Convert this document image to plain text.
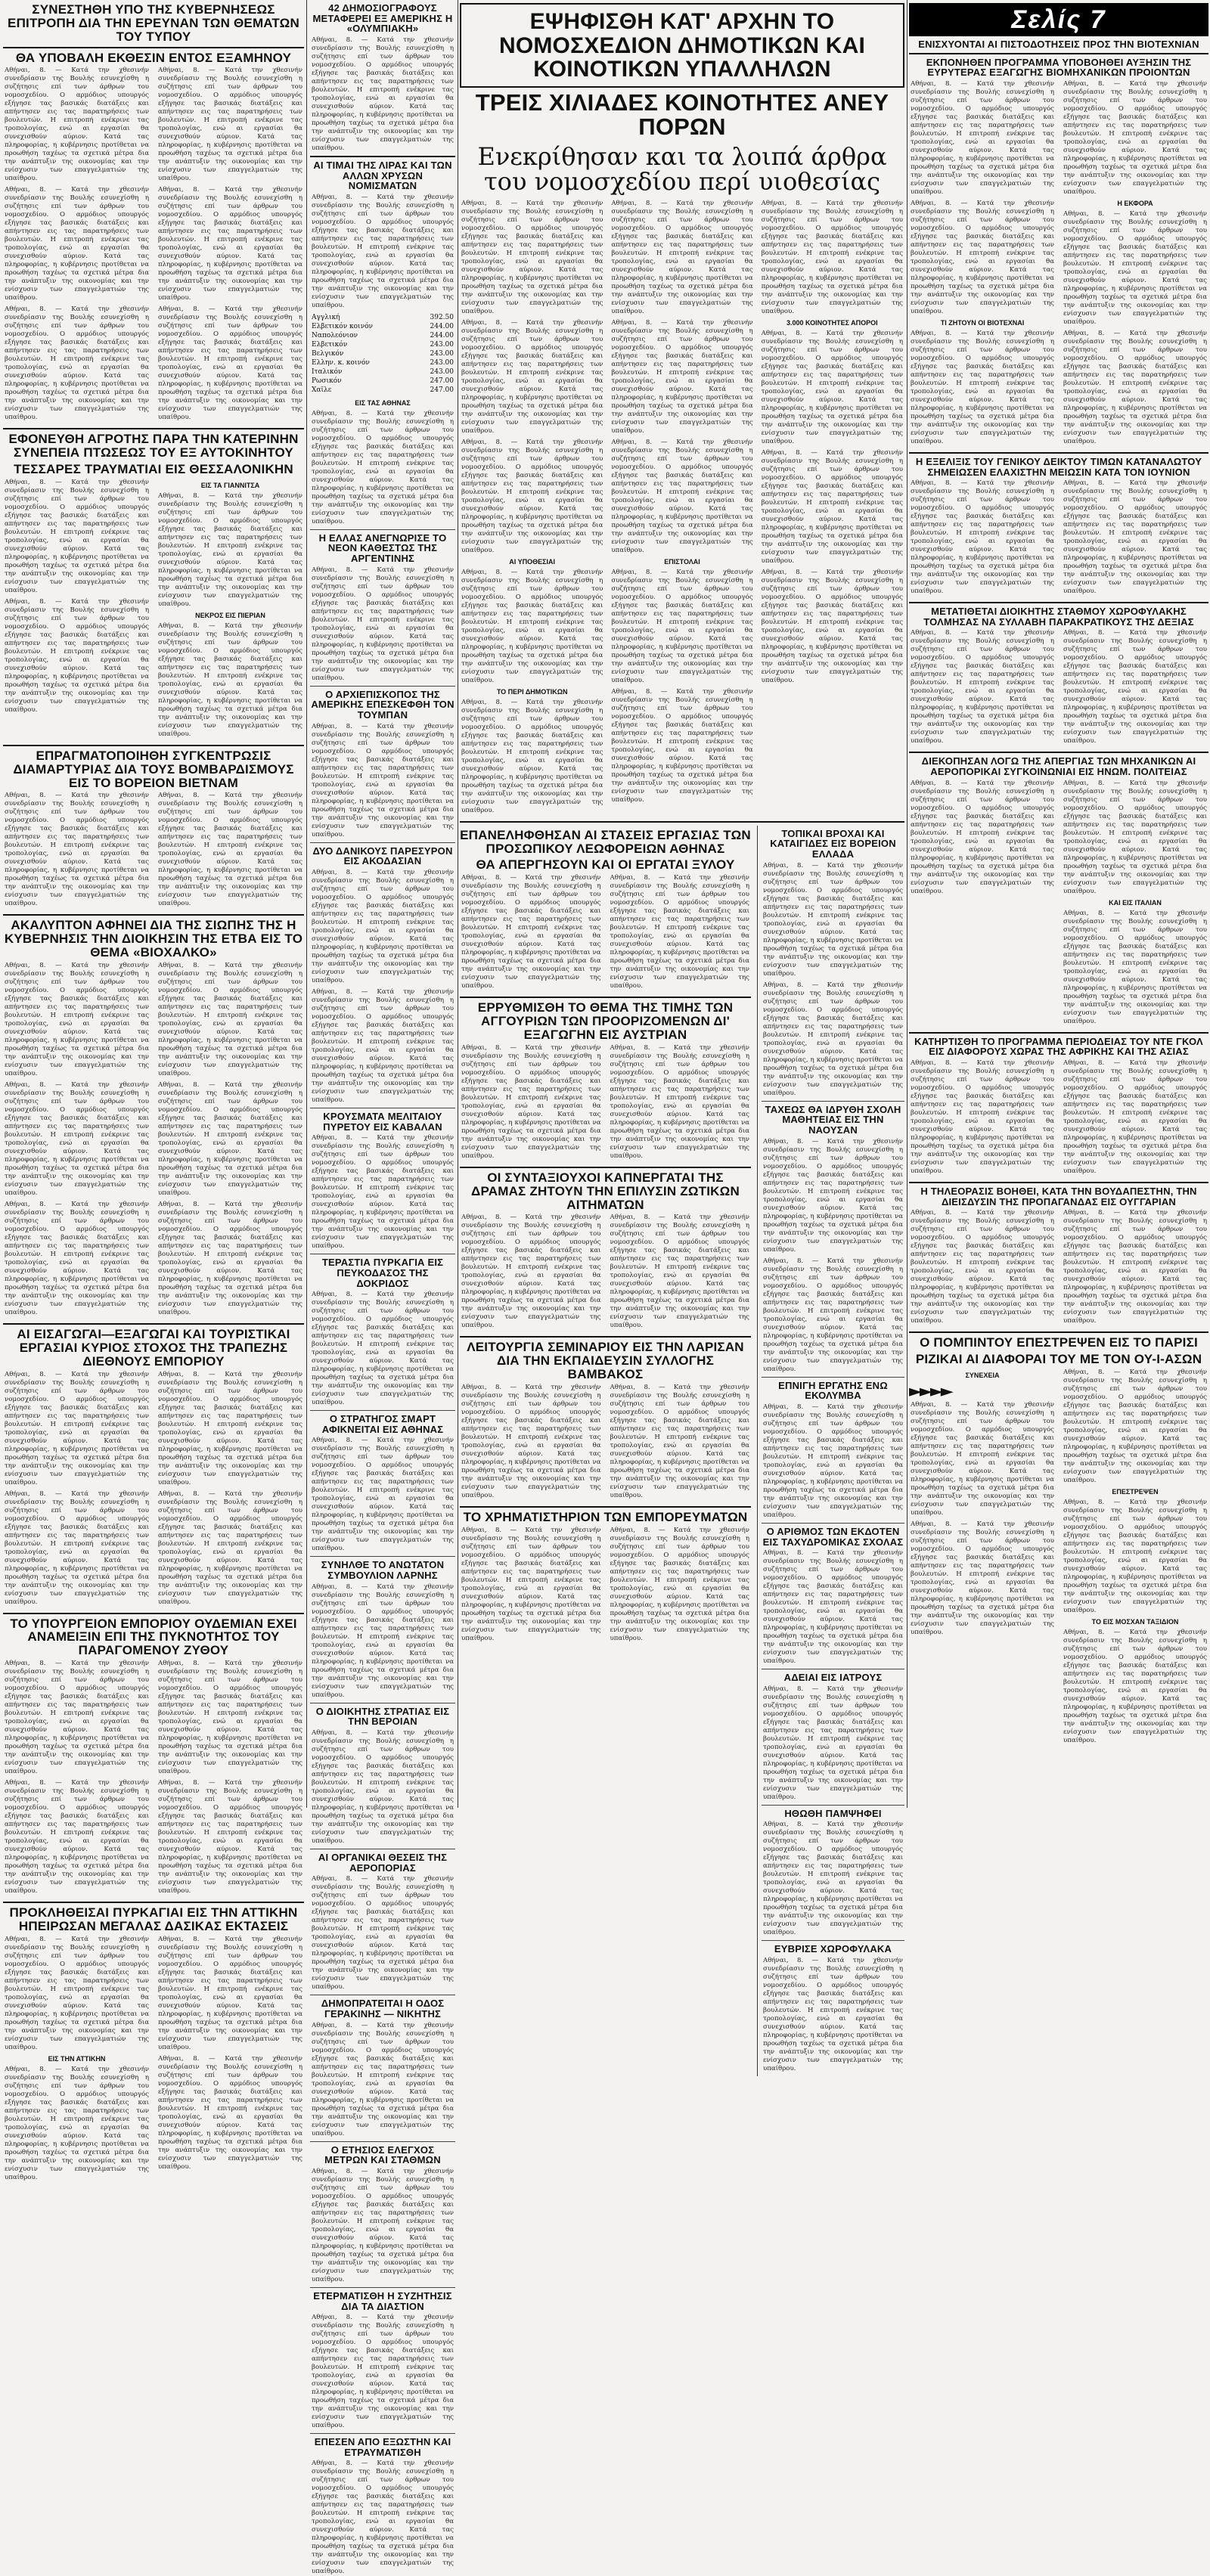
ΣΥΝΕΣΤΗΘΗ ΥΠΟ ΤΗΣ ΚΥΒΕΡΝΗΣΕΩΣ ΕΠΙΤΡΟΠΗ ΔΙΑ ΤΗΝ ΕΡΕΥΝΑΝ ΤΩΝ ΘΕΜΑΤΩΝ ΤΟΥ ΤΥΠΟΥ
ΘΑ ΥΠΟΒΑΛΗ ΕΚΘΕΣΙΝ ΕΝΤΟΣ ΕΞΑΜΗΝΟΥ
Αθήναι, 8. — Κατά την χθεσινήν συνεδρίασιν της Βουλής εσυνεχίσθη η συζήτησις επί των άρθρων του νομοσχεδίου. Ο αρμόδιος υπουργός εξήγησε τας βασικάς διατάξεις και απήντησεν εις τας παρατηρήσεις των βουλευτών. Η επιτροπή ενέκρινε τας τροπολογίας, ενώ αι εργασίαι θα συνεχισθούν αύριον. Κατά τας πληροφορίας, η κυβέρνησις προτίθεται να προωθήση ταχέως τα σχετικά μέτρα δια την ανάπτυξιν της οικονομίας και την ενίσχυσιν των επαγγελματιών της υπαίθρου.
Αθήναι, 8. — Κατά την χθεσινήν συνεδρίασιν της Βουλής εσυνεχίσθη η συζήτησις επί των άρθρων του νομοσχεδίου. Ο αρμόδιος υπουργός εξήγησε τας βασικάς διατάξεις και απήντησεν εις τας παρατηρήσεις των βουλευτών. Η επιτροπή ενέκρινε τας τροπολογίας, ενώ αι εργασίαι θα συνεχισθούν αύριον. Κατά τας πληροφορίας, η κυβέρνησις προτίθεται να προωθήση ταχέως τα σχετικά μέτρα δια την ανάπτυξιν της οικονομίας και την ενίσχυσιν των επαγγελματιών της υπαίθρου.
Αθήναι, 8. — Κατά την χθεσινήν συνεδρίασιν της Βουλής εσυνεχίσθη η συζήτησις επί των άρθρων του νομοσχεδίου. Ο αρμόδιος υπουργός εξήγησε τας βασικάς διατάξεις και απήντησεν εις τας παρατηρήσεις των βουλευτών. Η επιτροπή ενέκρινε τας τροπολογίας, ενώ αι εργασίαι θα συνεχισθούν αύριον. Κατά τας πληροφορίας, η κυβέρνησις προτίθεται να προωθήση ταχέως τα σχετικά μέτρα δια την ανάπτυξιν της οικονομίας και την ενίσχυσιν των επαγγελματιών της υπαίθρου.
Αθήναι, 8. — Κατά την χθεσινήν συνεδρίασιν της Βουλής εσυνεχίσθη η συζήτησις επί των άρθρων του νομοσχεδίου. Ο αρμόδιος υπουργός εξήγησε τας βασικάς διατάξεις και απήντησεν εις τας παρατηρήσεις των βουλευτών. Η επιτροπή ενέκρινε τας τροπολογίας, ενώ αι εργασίαι θα συνεχισθούν αύριον. Κατά τας πληροφορίας, η κυβέρνησις προτίθεται να προωθήση ταχέως τα σχετικά μέτρα δια την ανάπτυξιν της οικονομίας και την ενίσχυσιν των επαγγελματιών της υπαίθρου.
Αθήναι, 8. — Κατά την χθεσινήν συνεδρίασιν της Βουλής εσυνεχίσθη η συζήτησις επί των άρθρων του νομοσχεδίου. Ο αρμόδιος υπουργός εξήγησε τας βασικάς διατάξεις και απήντησεν εις τας παρατηρήσεις των βουλευτών. Η επιτροπή ενέκρινε τας τροπολογίας, ενώ αι εργασίαι θα συνεχισθούν αύριον. Κατά τας πληροφορίας, η κυβέρνησις προτίθεται να προωθήση ταχέως τα σχετικά μέτρα δια την ανάπτυξιν της οικονομίας και την ενίσχυσιν των επαγγελματιών της υπαίθρου.
Αθήναι, 8. — Κατά την χθεσινήν συνεδρίασιν της Βουλής εσυνεχίσθη η συζήτησις επί των άρθρων του νομοσχεδίου. Ο αρμόδιος υπουργός εξήγησε τας βασικάς διατάξεις και απήντησεν εις τας παρατηρήσεις των βουλευτών. Η επιτροπή ενέκρινε τας τροπολογίας, ενώ αι εργασίαι θα συνεχισθούν αύριον. Κατά τας πληροφορίας, η κυβέρνησις προτίθεται να προωθήση ταχέως τα σχετικά μέτρα δια την ανάπτυξιν της οικονομίας και την ενίσχυσιν των επαγγελματιών της υπαίθρου.
ΕΦΟΝΕΥΘΗ ΑΓΡΟΤΗΣ ΠΑΡΑ ΤΗΝ ΚΑΤΕΡΙΝΗΝ ΣΥΝΕΠΕΙΑ ΠΤΩΣΕΩΣ ΤΟΥ ΕΞ ΑΥΤΟΚΙΝΗΤΟΥ
ΤΕΣΣΑΡΕΣ ΤΡΑΥΜΑΤΙΑΙ ΕΙΣ ΘΕΣΣΑΛΟΝΙΚΗΝ
Αθήναι, 8. — Κατά την χθεσινήν συνεδρίασιν της Βουλής εσυνεχίσθη η συζήτησις επί των άρθρων του νομοσχεδίου. Ο αρμόδιος υπουργός εξήγησε τας βασικάς διατάξεις και απήντησεν εις τας παρατηρήσεις των βουλευτών. Η επιτροπή ενέκρινε τας τροπολογίας, ενώ αι εργασίαι θα συνεχισθούν αύριον. Κατά τας πληροφορίας, η κυβέρνησις προτίθεται να προωθήση ταχέως τα σχετικά μέτρα δια την ανάπτυξιν της οικονομίας και την ενίσχυσιν των επαγγελματιών της υπαίθρου.
Αθήναι, 8. — Κατά την χθεσινήν συνεδρίασιν της Βουλής εσυνεχίσθη η συζήτησις επί των άρθρων του νομοσχεδίου. Ο αρμόδιος υπουργός εξήγησε τας βασικάς διατάξεις και απήντησεν εις τας παρατηρήσεις των βουλευτών. Η επιτροπή ενέκρινε τας τροπολογίας, ενώ αι εργασίαι θα συνεχισθούν αύριον. Κατά τας πληροφορίας, η κυβέρνησις προτίθεται να προωθήση ταχέως τα σχετικά μέτρα δια την ανάπτυξιν της οικονομίας και την ενίσχυσιν των επαγγελματιών της υπαίθρου.
ΕΙΣ ΤΑ ΓΙΑΝΝΙΤΣΑ
Αθήναι, 8. — Κατά την χθεσινήν συνεδρίασιν της Βουλής εσυνεχίσθη η συζήτησις επί των άρθρων του νομοσχεδίου. Ο αρμόδιος υπουργός εξήγησε τας βασικάς διατάξεις και απήντησεν εις τας παρατηρήσεις των βουλευτών. Η επιτροπή ενέκρινε τας τροπολογίας, ενώ αι εργασίαι θα συνεχισθούν αύριον. Κατά τας πληροφορίας, η κυβέρνησις προτίθεται να προωθήση ταχέως τα σχετικά μέτρα δια την ανάπτυξιν της οικονομίας και την ενίσχυσιν των επαγγελματιών της υπαίθρου.
ΝΕΚΡΟΣ ΕΙΣ ΠΙΕΡΙΑΝ
Αθήναι, 8. — Κατά την χθεσινήν συνεδρίασιν της Βουλής εσυνεχίσθη η συζήτησις επί των άρθρων του νομοσχεδίου. Ο αρμόδιος υπουργός εξήγησε τας βασικάς διατάξεις και απήντησεν εις τας παρατηρήσεις των βουλευτών. Η επιτροπή ενέκρινε τας τροπολογίας, ενώ αι εργασίαι θα συνεχισθούν αύριον. Κατά τας πληροφορίας, η κυβέρνησις προτίθεται να προωθήση ταχέως τα σχετικά μέτρα δια την ανάπτυξιν της οικονομίας και την ενίσχυσιν των επαγγελματιών της υπαίθρου.
ΕΠΡΑΓΜΑΤΟΠΟΙΗΘΗ ΣΥΓΚΕΝΤΡΩΣΙΣ ΔΙΑΜΑΡΤΥΡΙΑΣ ΔΙΑ ΤΟΥΣ ΒΟΜΒΑΡΔΙΣΜΟΥΣ ΕΙΣ ΤΟ ΒΟΡΕΙΟΝ ΒΙΕΤΝΑΜ
Αθήναι, 8. — Κατά την χθεσινήν συνεδρίασιν της Βουλής εσυνεχίσθη η συζήτησις επί των άρθρων του νομοσχεδίου. Ο αρμόδιος υπουργός εξήγησε τας βασικάς διατάξεις και απήντησεν εις τας παρατηρήσεις των βουλευτών. Η επιτροπή ενέκρινε τας τροπολογίας, ενώ αι εργασίαι θα συνεχισθούν αύριον. Κατά τας πληροφορίας, η κυβέρνησις προτίθεται να προωθήση ταχέως τα σχετικά μέτρα δια την ανάπτυξιν της οικονομίας και την ενίσχυσιν των επαγγελματιών της υπαίθρου.
Αθήναι, 8. — Κατά την χθεσινήν συνεδρίασιν της Βουλής εσυνεχίσθη η συζήτησις επί των άρθρων του νομοσχεδίου. Ο αρμόδιος υπουργός εξήγησε τας βασικάς διατάξεις και απήντησεν εις τας παρατηρήσεις των βουλευτών. Η επιτροπή ενέκρινε τας τροπολογίας, ενώ αι εργασίαι θα συνεχισθούν αύριον. Κατά τας πληροφορίας, η κυβέρνησις προτίθεται να προωθήση ταχέως τα σχετικά μέτρα δια την ανάπτυξιν της οικονομίας και την ενίσχυσιν των επαγγελματιών της υπαίθρου.
ΑΚΑΛΥΠΤΟΝ ΑΦΗΝΕΙ ΔΙΑ ΤΗΣ ΣΙΩΠΗΣ ΤΗΣ Η ΚΥΒΕΡΝΗΣΙΣ ΤΗΝ ΔΙΟΙΚΗΣΙΝ ΤΗΣ ΕΤΒΑ ΕΙΣ ΤΟ ΘΕΜΑ «ΒΙΟΧΑΛΚΟ»
Αθήναι, 8. — Κατά την χθεσινήν συνεδρίασιν της Βουλής εσυνεχίσθη η συζήτησις επί των άρθρων του νομοσχεδίου. Ο αρμόδιος υπουργός εξήγησε τας βασικάς διατάξεις και απήντησεν εις τας παρατηρήσεις των βουλευτών. Η επιτροπή ενέκρινε τας τροπολογίας, ενώ αι εργασίαι θα συνεχισθούν αύριον. Κατά τας πληροφορίας, η κυβέρνησις προτίθεται να προωθήση ταχέως τα σχετικά μέτρα δια την ανάπτυξιν της οικονομίας και την ενίσχυσιν των επαγγελματιών της υπαίθρου.
Αθήναι, 8. — Κατά την χθεσινήν συνεδρίασιν της Βουλής εσυνεχίσθη η συζήτησις επί των άρθρων του νομοσχεδίου. Ο αρμόδιος υπουργός εξήγησε τας βασικάς διατάξεις και απήντησεν εις τας παρατηρήσεις των βουλευτών. Η επιτροπή ενέκρινε τας τροπολογίας, ενώ αι εργασίαι θα συνεχισθούν αύριον. Κατά τας πληροφορίας, η κυβέρνησις προτίθεται να προωθήση ταχέως τα σχετικά μέτρα δια την ανάπτυξιν της οικονομίας και την ενίσχυσιν των επαγγελματιών της υπαίθρου.
Αθήναι, 8. — Κατά την χθεσινήν συνεδρίασιν της Βουλής εσυνεχίσθη η συζήτησις επί των άρθρων του νομοσχεδίου. Ο αρμόδιος υπουργός εξήγησε τας βασικάς διατάξεις και απήντησεν εις τας παρατηρήσεις των βουλευτών. Η επιτροπή ενέκρινε τας τροπολογίας, ενώ αι εργασίαι θα συνεχισθούν αύριον. Κατά τας πληροφορίας, η κυβέρνησις προτίθεται να προωθήση ταχέως τα σχετικά μέτρα δια την ανάπτυξιν της οικονομίας και την ενίσχυσιν των επαγγελματιών της υπαίθρου.
Αθήναι, 8. — Κατά την χθεσινήν συνεδρίασιν της Βουλής εσυνεχίσθη η συζήτησις επί των άρθρων του νομοσχεδίου. Ο αρμόδιος υπουργός εξήγησε τας βασικάς διατάξεις και απήντησεν εις τας παρατηρήσεις των βουλευτών. Η επιτροπή ενέκρινε τας τροπολογίας, ενώ αι εργασίαι θα συνεχισθούν αύριον. Κατά τας πληροφορίας, η κυβέρνησις προτίθεται να προωθήση ταχέως τα σχετικά μέτρα δια την ανάπτυξιν της οικονομίας και την ενίσχυσιν των επαγγελματιών της υπαίθρου.
Αθήναι, 8. — Κατά την χθεσινήν συνεδρίασιν της Βουλής εσυνεχίσθη η συζήτησις επί των άρθρων του νομοσχεδίου. Ο αρμόδιος υπουργός εξήγησε τας βασικάς διατάξεις και απήντησεν εις τας παρατηρήσεις των βουλευτών. Η επιτροπή ενέκρινε τας τροπολογίας, ενώ αι εργασίαι θα συνεχισθούν αύριον. Κατά τας πληροφορίας, η κυβέρνησις προτίθεται να προωθήση ταχέως τα σχετικά μέτρα δια την ανάπτυξιν της οικονομίας και την ενίσχυσιν των επαγγελματιών της υπαίθρου.
Αθήναι, 8. — Κατά την χθεσινήν συνεδρίασιν της Βουλής εσυνεχίσθη η συζήτησις επί των άρθρων του νομοσχεδίου. Ο αρμόδιος υπουργός εξήγησε τας βασικάς διατάξεις και απήντησεν εις τας παρατηρήσεις των βουλευτών. Η επιτροπή ενέκρινε τας τροπολογίας, ενώ αι εργασίαι θα συνεχισθούν αύριον. Κατά τας πληροφορίας, η κυβέρνησις προτίθεται να προωθήση ταχέως τα σχετικά μέτρα δια την ανάπτυξιν της οικονομίας και την ενίσχυσιν των επαγγελματιών της υπαίθρου.
ΑΙ ΕΙΣΑΓΩΓΑΙ—ΕΞΑΓΩΓΑΙ ΚΑΙ ΤΟΥΡΙΣΤΙΚΑΙ ΕΡΓΑΣΙΑΙ ΚΥΡΙΟΣ ΣΤΟΧΟΣ ΤΗΣ ΤΡΑΠΕΖΗΣ ΔΙΕΘΝΟΥΣ ΕΜΠΟΡΙΟΥ
Αθήναι, 8. — Κατά την χθεσινήν συνεδρίασιν της Βουλής εσυνεχίσθη η συζήτησις επί των άρθρων του νομοσχεδίου. Ο αρμόδιος υπουργός εξήγησε τας βασικάς διατάξεις και απήντησεν εις τας παρατηρήσεις των βουλευτών. Η επιτροπή ενέκρινε τας τροπολογίας, ενώ αι εργασίαι θα συνεχισθούν αύριον. Κατά τας πληροφορίας, η κυβέρνησις προτίθεται να προωθήση ταχέως τα σχετικά μέτρα δια την ανάπτυξιν της οικονομίας και την ενίσχυσιν των επαγγελματιών της υπαίθρου.
Αθήναι, 8. — Κατά την χθεσινήν συνεδρίασιν της Βουλής εσυνεχίσθη η συζήτησις επί των άρθρων του νομοσχεδίου. Ο αρμόδιος υπουργός εξήγησε τας βασικάς διατάξεις και απήντησεν εις τας παρατηρήσεις των βουλευτών. Η επιτροπή ενέκρινε τας τροπολογίας, ενώ αι εργασίαι θα συνεχισθούν αύριον. Κατά τας πληροφορίας, η κυβέρνησις προτίθεται να προωθήση ταχέως τα σχετικά μέτρα δια την ανάπτυξιν της οικονομίας και την ενίσχυσιν των επαγγελματιών της υπαίθρου.
Αθήναι, 8. — Κατά την χθεσινήν συνεδρίασιν της Βουλής εσυνεχίσθη η συζήτησις επί των άρθρων του νομοσχεδίου. Ο αρμόδιος υπουργός εξήγησε τας βασικάς διατάξεις και απήντησεν εις τας παρατηρήσεις των βουλευτών. Η επιτροπή ενέκρινε τας τροπολογίας, ενώ αι εργασίαι θα συνεχισθούν αύριον. Κατά τας πληροφορίας, η κυβέρνησις προτίθεται να προωθήση ταχέως τα σχετικά μέτρα δια την ανάπτυξιν της οικονομίας και την ενίσχυσιν των επαγγελματιών της υπαίθρου.
Αθήναι, 8. — Κατά την χθεσινήν συνεδρίασιν της Βουλής εσυνεχίσθη η συζήτησις επί των άρθρων του νομοσχεδίου. Ο αρμόδιος υπουργός εξήγησε τας βασικάς διατάξεις και απήντησεν εις τας παρατηρήσεις των βουλευτών. Η επιτροπή ενέκρινε τας τροπολογίας, ενώ αι εργασίαι θα συνεχισθούν αύριον. Κατά τας πληροφορίας, η κυβέρνησις προτίθεται να προωθήση ταχέως τα σχετικά μέτρα δια την ανάπτυξιν της οικονομίας και την ενίσχυσιν των επαγγελματιών της υπαίθρου.
ΤΟ ΥΠΟΥΡΓΕΙΟΝ ΕΜΠΟΡΙΟΥ ΟΥΔΕΜΙΑΝ ΕΧΕΙ ΑΝΑΜΕΙΞΙΝ ΕΠΙ ΤΗΣ ΠΥΚΝΟΤΗΤΟΣ ΤΟΥ ΠΑΡΑΓΟΜΕΝΟΥ ΖΥΘΟΥ
Αθήναι, 8. — Κατά την χθεσινήν συνεδρίασιν της Βουλής εσυνεχίσθη η συζήτησις επί των άρθρων του νομοσχεδίου. Ο αρμόδιος υπουργός εξήγησε τας βασικάς διατάξεις και απήντησεν εις τας παρατηρήσεις των βουλευτών. Η επιτροπή ενέκρινε τας τροπολογίας, ενώ αι εργασίαι θα συνεχισθούν αύριον. Κατά τας πληροφορίας, η κυβέρνησις προτίθεται να προωθήση ταχέως τα σχετικά μέτρα δια την ανάπτυξιν της οικονομίας και την ενίσχυσιν των επαγγελματιών της υπαίθρου.
Αθήναι, 8. — Κατά την χθεσινήν συνεδρίασιν της Βουλής εσυνεχίσθη η συζήτησις επί των άρθρων του νομοσχεδίου. Ο αρμόδιος υπουργός εξήγησε τας βασικάς διατάξεις και απήντησεν εις τας παρατηρήσεις των βουλευτών. Η επιτροπή ενέκρινε τας τροπολογίας, ενώ αι εργασίαι θα συνεχισθούν αύριον. Κατά τας πληροφορίας, η κυβέρνησις προτίθεται να προωθήση ταχέως τα σχετικά μέτρα δια την ανάπτυξιν της οικονομίας και την ενίσχυσιν των επαγγελματιών της υπαίθρου.
Αθήναι, 8. — Κατά την χθεσινήν συνεδρίασιν της Βουλής εσυνεχίσθη η συζήτησις επί των άρθρων του νομοσχεδίου. Ο αρμόδιος υπουργός εξήγησε τας βασικάς διατάξεις και απήντησεν εις τας παρατηρήσεις των βουλευτών. Η επιτροπή ενέκρινε τας τροπολογίας, ενώ αι εργασίαι θα συνεχισθούν αύριον. Κατά τας πληροφορίας, η κυβέρνησις προτίθεται να προωθήση ταχέως τα σχετικά μέτρα δια την ανάπτυξιν της οικονομίας και την ενίσχυσιν των επαγγελματιών της υπαίθρου.
Αθήναι, 8. — Κατά την χθεσινήν συνεδρίασιν της Βουλής εσυνεχίσθη η συζήτησις επί των άρθρων του νομοσχεδίου. Ο αρμόδιος υπουργός εξήγησε τας βασικάς διατάξεις και απήντησεν εις τας παρατηρήσεις των βουλευτών. Η επιτροπή ενέκρινε τας τροπολογίας, ενώ αι εργασίαι θα συνεχισθούν αύριον. Κατά τας πληροφορίας, η κυβέρνησις προτίθεται να προωθήση ταχέως τα σχετικά μέτρα δια την ανάπτυξιν της οικονομίας και την ενίσχυσιν των επαγγελματιών της υπαίθρου.
ΠΡΟΚΛΗΘΕΙΣΑΙ ΠΥΡΚΑΓΙΑΙ ΕΙΣ ΤΗΝ ΑΤΤΙΚΗΝ ΗΠΕΙΡΩΣΑΝ ΜΕΓΑΛΑΣ ΔΑΣΙΚΑΣ ΕΚΤΑΣΕΙΣ
Αθήναι, 8. — Κατά την χθεσινήν συνεδρίασιν της Βουλής εσυνεχίσθη η συζήτησις επί των άρθρων του νομοσχεδίου. Ο αρμόδιος υπουργός εξήγησε τας βασικάς διατάξεις και απήντησεν εις τας παρατηρήσεις των βουλευτών. Η επιτροπή ενέκρινε τας τροπολογίας, ενώ αι εργασίαι θα συνεχισθούν αύριον. Κατά τας πληροφορίας, η κυβέρνησις προτίθεται να προωθήση ταχέως τα σχετικά μέτρα δια την ανάπτυξιν της οικονομίας και την ενίσχυσιν των επαγγελματιών της υπαίθρου.
ΕΙΣ ΤΗΝ ΑΤΤΙΚΗΝ
Αθήναι, 8. — Κατά την χθεσινήν συνεδρίασιν της Βουλής εσυνεχίσθη η συζήτησις επί των άρθρων του νομοσχεδίου. Ο αρμόδιος υπουργός εξήγησε τας βασικάς διατάξεις και απήντησεν εις τας παρατηρήσεις των βουλευτών. Η επιτροπή ενέκρινε τας τροπολογίας, ενώ αι εργασίαι θα συνεχισθούν αύριον. Κατά τας πληροφορίας, η κυβέρνησις προτίθεται να προωθήση ταχέως τα σχετικά μέτρα δια την ανάπτυξιν της οικονομίας και την ενίσχυσιν των επαγγελματιών της υπαίθρου.
Αθήναι, 8. — Κατά την χθεσινήν συνεδρίασιν της Βουλής εσυνεχίσθη η συζήτησις επί των άρθρων του νομοσχεδίου. Ο αρμόδιος υπουργός εξήγησε τας βασικάς διατάξεις και απήντησεν εις τας παρατηρήσεις των βουλευτών. Η επιτροπή ενέκρινε τας τροπολογίας, ενώ αι εργασίαι θα συνεχισθούν αύριον. Κατά τας πληροφορίας, η κυβέρνησις προτίθεται να προωθήση ταχέως τα σχετικά μέτρα δια την ανάπτυξιν της οικονομίας και την ενίσχυσιν των επαγγελματιών της υπαίθρου.
Αθήναι, 8. — Κατά την χθεσινήν συνεδρίασιν της Βουλής εσυνεχίσθη η συζήτησις επί των άρθρων του νομοσχεδίου. Ο αρμόδιος υπουργός εξήγησε τας βασικάς διατάξεις και απήντησεν εις τας παρατηρήσεις των βουλευτών. Η επιτροπή ενέκρινε τας τροπολογίας, ενώ αι εργασίαι θα συνεχισθούν αύριον. Κατά τας πληροφορίας, η κυβέρνησις προτίθεται να προωθήση ταχέως τα σχετικά μέτρα δια την ανάπτυξιν της οικονομίας και την ενίσχυσιν των επαγγελματιών της υπαίθρου.
42 ΔΗΜΟΣΙΟΓΡΑΦΟΥΣ ΜΕΤΑΦΕΡΕΙ ΕΞ ΑΜΕΡΙΚΗΣ Η «ΟΛΥΜΠΙΑΚΗ»
Αθήναι, 8. — Κατά την χθεσινήν συνεδρίασιν της Βουλής εσυνεχίσθη η συζήτησις επί των άρθρων του νομοσχεδίου. Ο αρμόδιος υπουργός εξήγησε τας βασικάς διατάξεις και απήντησεν εις τας παρατηρήσεις των βουλευτών. Η επιτροπή ενέκρινε τας τροπολογίας, ενώ αι εργασίαι θα συνεχισθούν αύριον. Κατά τας πληροφορίας, η κυβέρνησις προτίθεται να προωθήση ταχέως τα σχετικά μέτρα δια την ανάπτυξιν της οικονομίας και την ενίσχυσιν των επαγγελματιών της υπαίθρου.
ΑΙ ΤΙΜΑΙ ΤΗΣ ΛΙΡΑΣ ΚΑΙ ΤΩΝ ΑΛΛΩΝ ΧΡΥΣΩΝ ΝΟΜΙΣΜΑΤΩΝ
Αθήναι, 8. — Κατά την χθεσινήν συνεδρίασιν της Βουλής εσυνεχίσθη η συζήτησις επί των άρθρων του νομοσχεδίου. Ο αρμόδιος υπουργός εξήγησε τας βασικάς διατάξεις και απήντησεν εις τας παρατηρήσεις των βουλευτών. Η επιτροπή ενέκρινε τας τροπολογίας, ενώ αι εργασίαι θα συνεχισθούν αύριον. Κατά τας πληροφορίας, η κυβέρνησις προτίθεται να προωθήση ταχέως τα σχετικά μέτρα δια την ανάπτυξιν της οικονομίας και την ενίσχυσιν των επαγγελματιών της υπαίθρου.
Αγγλική	392.50
Ελβετικόν κοινόν	244.00
Ναπολεόνιον	244.00
Ελβετικόν	243.00
Βελγικόν	243.00
Ελλην. κ. κοινόν	243.00
Ιταλικόν	243.00
Ρωσικόν	247.00
Χαϊλε	247.00
ΕΙΣ ΤΑΣ ΑΘΗΝΑΣ
Αθήναι, 8. — Κατά την χθεσινήν συνεδρίασιν της Βουλής εσυνεχίσθη η συζήτησις επί των άρθρων του νομοσχεδίου. Ο αρμόδιος υπουργός εξήγησε τας βασικάς διατάξεις και απήντησεν εις τας παρατηρήσεις των βουλευτών. Η επιτροπή ενέκρινε τας τροπολογίας, ενώ αι εργασίαι θα συνεχισθούν αύριον. Κατά τας πληροφορίας, η κυβέρνησις προτίθεται να προωθήση ταχέως τα σχετικά μέτρα δια την ανάπτυξιν της οικονομίας και την ενίσχυσιν των επαγγελματιών της υπαίθρου.
Η ΕΛΛΑΣ ΑΝΕΓΝΩΡΙΣΕ ΤΟ ΝΕΟΝ ΚΑΘΕΣΤΩΣ ΤΗΣ ΑΡΓΕΝΤΙΝΗΣ
Αθήναι, 8. — Κατά την χθεσινήν συνεδρίασιν της Βουλής εσυνεχίσθη η συζήτησις επί των άρθρων του νομοσχεδίου. Ο αρμόδιος υπουργός εξήγησε τας βασικάς διατάξεις και απήντησεν εις τας παρατηρήσεις των βουλευτών. Η επιτροπή ενέκρινε τας τροπολογίας, ενώ αι εργασίαι θα συνεχισθούν αύριον. Κατά τας πληροφορίας, η κυβέρνησις προτίθεται να προωθήση ταχέως τα σχετικά μέτρα δια την ανάπτυξιν της οικονομίας και την ενίσχυσιν των επαγγελματιών της υπαίθρου.
Ο ΑΡΧΙΕΠΙΣΚΟΠΟΣ ΤΗΣ ΑΜΕΡΙΚΗΣ ΕΠΕΣΚΕΦΘΗ ΤΟΝ ΤΟΥΜΠΑΝ
Αθήναι, 8. — Κατά την χθεσινήν συνεδρίασιν της Βουλής εσυνεχίσθη η συζήτησις επί των άρθρων του νομοσχεδίου. Ο αρμόδιος υπουργός εξήγησε τας βασικάς διατάξεις και απήντησεν εις τας παρατηρήσεις των βουλευτών. Η επιτροπή ενέκρινε τας τροπολογίας, ενώ αι εργασίαι θα συνεχισθούν αύριον. Κατά τας πληροφορίας, η κυβέρνησις προτίθεται να προωθήση ταχέως τα σχετικά μέτρα δια την ανάπτυξιν της οικονομίας και την ενίσχυσιν των επαγγελματιών της υπαίθρου.
ΔΥΟ ΔΑΝΙΚΟΥΣ ΠΑΡΕΣΥΡΟΝ ΕΙΣ ΑΚΟΔΑΣΙΑΝ
Αθήναι, 8. — Κατά την χθεσινήν συνεδρίασιν της Βουλής εσυνεχίσθη η συζήτησις επί των άρθρων του νομοσχεδίου. Ο αρμόδιος υπουργός εξήγησε τας βασικάς διατάξεις και απήντησεν εις τας παρατηρήσεις των βουλευτών. Η επιτροπή ενέκρινε τας τροπολογίας, ενώ αι εργασίαι θα συνεχισθούν αύριον. Κατά τας πληροφορίας, η κυβέρνησις προτίθεται να προωθήση ταχέως τα σχετικά μέτρα δια την ανάπτυξιν της οικονομίας και την ενίσχυσιν των επαγγελματιών της υπαίθρου.
Αθήναι, 8. — Κατά την χθεσινήν συνεδρίασιν της Βουλής εσυνεχίσθη η συζήτησις επί των άρθρων του νομοσχεδίου. Ο αρμόδιος υπουργός εξήγησε τας βασικάς διατάξεις και απήντησεν εις τας παρατηρήσεις των βουλευτών. Η επιτροπή ενέκρινε τας τροπολογίας, ενώ αι εργασίαι θα συνεχισθούν αύριον. Κατά τας πληροφορίας, η κυβέρνησις προτίθεται να προωθήση ταχέως τα σχετικά μέτρα δια την ανάπτυξιν της οικονομίας και την ενίσχυσιν των επαγγελματιών της υπαίθρου.
ΚΡΟΥΣΜΑΤΑ ΜΕΛΙΤΑΙΟΥ ΠΥΡΕΤΟΥ ΕΙΣ ΚΑΒΑΛΑΝ
Αθήναι, 8. — Κατά την χθεσινήν συνεδρίασιν της Βουλής εσυνεχίσθη η συζήτησις επί των άρθρων του νομοσχεδίου. Ο αρμόδιος υπουργός εξήγησε τας βασικάς διατάξεις και απήντησεν εις τας παρατηρήσεις των βουλευτών. Η επιτροπή ενέκρινε τας τροπολογίας, ενώ αι εργασίαι θα συνεχισθούν αύριον. Κατά τας πληροφορίας, η κυβέρνησις προτίθεται να προωθήση ταχέως τα σχετικά μέτρα δια την ανάπτυξιν της οικονομίας και την ενίσχυσιν των επαγγελματιών της υπαίθρου.
ΤΕΡΑΣΤΙΑ ΠΥΡΚΑΓΙΑ ΕΙΣ ΠΕΥΚΟΔΑΣΟΣ ΤΗΣ ΔΟΚΡΙΔΟΣ
Αθήναι, 8. — Κατά την χθεσινήν συνεδρίασιν της Βουλής εσυνεχίσθη η συζήτησις επί των άρθρων του νομοσχεδίου. Ο αρμόδιος υπουργός εξήγησε τας βασικάς διατάξεις και απήντησεν εις τας παρατηρήσεις των βουλευτών. Η επιτροπή ενέκρινε τας τροπολογίας, ενώ αι εργασίαι θα συνεχισθούν αύριον. Κατά τας πληροφορίας, η κυβέρνησις προτίθεται να προωθήση ταχέως τα σχετικά μέτρα δια την ανάπτυξιν της οικονομίας και την ενίσχυσιν των επαγγελματιών της υπαίθρου.
Ο ΣΤΡΑΤΗΓΟΣ ΣΜΑΡΤ ΑΦΙΚΝΕΙΤΑΙ ΕΙΣ ΑΘΗΝΑΣ
Αθήναι, 8. — Κατά την χθεσινήν συνεδρίασιν της Βουλής εσυνεχίσθη η συζήτησις επί των άρθρων του νομοσχεδίου. Ο αρμόδιος υπουργός εξήγησε τας βασικάς διατάξεις και απήντησεν εις τας παρατηρήσεις των βουλευτών. Η επιτροπή ενέκρινε τας τροπολογίας, ενώ αι εργασίαι θα συνεχισθούν αύριον. Κατά τας πληροφορίας, η κυβέρνησις προτίθεται να προωθήση ταχέως τα σχετικά μέτρα δια την ανάπτυξιν της οικονομίας και την ενίσχυσιν των επαγγελματιών της υπαίθρου.
ΣΥΝΗΛΘΕ ΤΟ ΑΝΩΤΑΤΟΝ ΣΥΜΒΟΥΛΙΟΝ ΛΑΡΝΗΣ
Αθήναι, 8. — Κατά την χθεσινήν συνεδρίασιν της Βουλής εσυνεχίσθη η συζήτησις επί των άρθρων του νομοσχεδίου. Ο αρμόδιος υπουργός εξήγησε τας βασικάς διατάξεις και απήντησεν εις τας παρατηρήσεις των βουλευτών. Η επιτροπή ενέκρινε τας τροπολογίας, ενώ αι εργασίαι θα συνεχισθούν αύριον. Κατά τας πληροφορίας, η κυβέρνησις προτίθεται να προωθήση ταχέως τα σχετικά μέτρα δια την ανάπτυξιν της οικονομίας και την ενίσχυσιν των επαγγελματιών της υπαίθρου.
Ο ΔΙΟΙΚΗΤΗΣ ΣΤΡΑΤΙΑΣ ΕΙΣ ΤΗΝ ΒΕΡΟΙΑΝ
Αθήναι, 8. — Κατά την χθεσινήν συνεδρίασιν της Βουλής εσυνεχίσθη η συζήτησις επί των άρθρων του νομοσχεδίου. Ο αρμόδιος υπουργός εξήγησε τας βασικάς διατάξεις και απήντησεν εις τας παρατηρήσεις των βουλευτών. Η επιτροπή ενέκρινε τας τροπολογίας, ενώ αι εργασίαι θα συνεχισθούν αύριον. Κατά τας πληροφορίας, η κυβέρνησις προτίθεται να προωθήση ταχέως τα σχετικά μέτρα δια την ανάπτυξιν της οικονομίας και την ενίσχυσιν των επαγγελματιών της υπαίθρου.
ΑΙ ΟΡΓΑΝΙΚΑΙ ΘΕΣΕΙΣ ΤΗΣ ΑΕΡΟΠΟΡΙΑΣ
Αθήναι, 8. — Κατά την χθεσινήν συνεδρίασιν της Βουλής εσυνεχίσθη η συζήτησις επί των άρθρων του νομοσχεδίου. Ο αρμόδιος υπουργός εξήγησε τας βασικάς διατάξεις και απήντησεν εις τας παρατηρήσεις των βουλευτών. Η επιτροπή ενέκρινε τας τροπολογίας, ενώ αι εργασίαι θα συνεχισθούν αύριον. Κατά τας πληροφορίας, η κυβέρνησις προτίθεται να προωθήση ταχέως τα σχετικά μέτρα δια την ανάπτυξιν της οικονομίας και την ενίσχυσιν των επαγγελματιών της υπαίθρου.
ΔΗΜΟΠΡΑΤΕΙΤΑΙ Η ΟΔΟΣ ΓΕΡΑΚΙΝΗΣ — ΝΙΚΗΤΗΣ
Αθήναι, 8. — Κατά την χθεσινήν συνεδρίασιν της Βουλής εσυνεχίσθη η συζήτησις επί των άρθρων του νομοσχεδίου. Ο αρμόδιος υπουργός εξήγησε τας βασικάς διατάξεις και απήντησεν εις τας παρατηρήσεις των βουλευτών. Η επιτροπή ενέκρινε τας τροπολογίας, ενώ αι εργασίαι θα συνεχισθούν αύριον. Κατά τας πληροφορίας, η κυβέρνησις προτίθεται να προωθήση ταχέως τα σχετικά μέτρα δια την ανάπτυξιν της οικονομίας και την ενίσχυσιν των επαγγελματιών της υπαίθρου.
Ο ΕΤΗΣΙΟΣ ΕΛΕΓΧΟΣ ΜΕΤΡΩΝ ΚΑΙ ΣΤΑΘΜΩΝ
Αθήναι, 8. — Κατά την χθεσινήν συνεδρίασιν της Βουλής εσυνεχίσθη η συζήτησις επί των άρθρων του νομοσχεδίου. Ο αρμόδιος υπουργός εξήγησε τας βασικάς διατάξεις και απήντησεν εις τας παρατηρήσεις των βουλευτών. Η επιτροπή ενέκρινε τας τροπολογίας, ενώ αι εργασίαι θα συνεχισθούν αύριον. Κατά τας πληροφορίας, η κυβέρνησις προτίθεται να προωθήση ταχέως τα σχετικά μέτρα δια την ανάπτυξιν της οικονομίας και την ενίσχυσιν των επαγγελματιών της υπαίθρου.
ΕΤΕΡΜΑΤΙΣΘΗ Η ΣΥΖΗΤΗΣΙΣ ΔΙΑ ΤΑ ΔΙΑΣΤΙΟΝ
Αθήναι, 8. — Κατά την χθεσινήν συνεδρίασιν της Βουλής εσυνεχίσθη η συζήτησις επί των άρθρων του νομοσχεδίου. Ο αρμόδιος υπουργός εξήγησε τας βασικάς διατάξεις και απήντησεν εις τας παρατηρήσεις των βουλευτών. Η επιτροπή ενέκρινε τας τροπολογίας, ενώ αι εργασίαι θα συνεχισθούν αύριον. Κατά τας πληροφορίας, η κυβέρνησις προτίθεται να προωθήση ταχέως τα σχετικά μέτρα δια την ανάπτυξιν της οικονομίας και την ενίσχυσιν των επαγγελματιών της υπαίθρου.
ΕΠΕΣΕΝ ΑΠΟ ΕΞΩΣΤΗΝ ΚΑΙ ΕΤΡΑΥΜΑΤΙΣΘΗ
Αθήναι, 8. — Κατά την χθεσινήν συνεδρίασιν της Βουλής εσυνεχίσθη η συζήτησις επί των άρθρων του νομοσχεδίου. Ο αρμόδιος υπουργός εξήγησε τας βασικάς διατάξεις και απήντησεν εις τας παρατηρήσεις των βουλευτών. Η επιτροπή ενέκρινε τας τροπολογίας, ενώ αι εργασίαι θα συνεχισθούν αύριον. Κατά τας πληροφορίας, η κυβέρνησις προτίθεται να προωθήση ταχέως τα σχετικά μέτρα δια την ανάπτυξιν της οικονομίας και την ενίσχυσιν των επαγγελματιών της υπαίθρου.
ΕΨΗΦΙΣΘΗ ΚΑΤ' ΑΡΧΗΝ ΤΟ ΝΟΜΟΣΧΕΔΙΟΝ ΔΗΜΟΤΙΚΩΝ ΚΑΙ ΚΟΙΝΟΤΙΚΩΝ ΥΠΑΛΛΗΛΩΝ
ΤΡΕΙΣ ΧΙΛΙΑΔΕΣ ΚΟΙΝΟΤΗΤΕΣ ΑΝΕΥ ΠΟΡΩΝ
Ενεκρίθησαν και τα λοιπά άρθρα του νομοσχεδίου περί υιοθεσίας
Αθήναι, 8. — Κατά την χθεσινήν συνεδρίασιν της Βουλής εσυνεχίσθη η συζήτησις επί των άρθρων του νομοσχεδίου. Ο αρμόδιος υπουργός εξήγησε τας βασικάς διατάξεις και απήντησεν εις τας παρατηρήσεις των βουλευτών. Η επιτροπή ενέκρινε τας τροπολογίας, ενώ αι εργασίαι θα συνεχισθούν αύριον. Κατά τας πληροφορίας, η κυβέρνησις προτίθεται να προωθήση ταχέως τα σχετικά μέτρα δια την ανάπτυξιν της οικονομίας και την ενίσχυσιν των επαγγελματιών της υπαίθρου.
Αθήναι, 8. — Κατά την χθεσινήν συνεδρίασιν της Βουλής εσυνεχίσθη η συζήτησις επί των άρθρων του νομοσχεδίου. Ο αρμόδιος υπουργός εξήγησε τας βασικάς διατάξεις και απήντησεν εις τας παρατηρήσεις των βουλευτών. Η επιτροπή ενέκρινε τας τροπολογίας, ενώ αι εργασίαι θα συνεχισθούν αύριον. Κατά τας πληροφορίας, η κυβέρνησις προτίθεται να προωθήση ταχέως τα σχετικά μέτρα δια την ανάπτυξιν της οικονομίας και την ενίσχυσιν των επαγγελματιών της υπαίθρου.
Αθήναι, 8. — Κατά την χθεσινήν συνεδρίασιν της Βουλής εσυνεχίσθη η συζήτησις επί των άρθρων του νομοσχεδίου. Ο αρμόδιος υπουργός εξήγησε τας βασικάς διατάξεις και απήντησεν εις τας παρατηρήσεις των βουλευτών. Η επιτροπή ενέκρινε τας τροπολογίας, ενώ αι εργασίαι θα συνεχισθούν αύριον. Κατά τας πληροφορίας, η κυβέρνησις προτίθεται να προωθήση ταχέως τα σχετικά μέτρα δια την ανάπτυξιν της οικονομίας και την ενίσχυσιν των επαγγελματιών της υπαίθρου.
ΑΙ ΥΠΟΘΕΣΙΑΙ
Αθήναι, 8. — Κατά την χθεσινήν συνεδρίασιν της Βουλής εσυνεχίσθη η συζήτησις επί των άρθρων του νομοσχεδίου. Ο αρμόδιος υπουργός εξήγησε τας βασικάς διατάξεις και απήντησεν εις τας παρατηρήσεις των βουλευτών. Η επιτροπή ενέκρινε τας τροπολογίας, ενώ αι εργασίαι θα συνεχισθούν αύριον. Κατά τας πληροφορίας, η κυβέρνησις προτίθεται να προωθήση ταχέως τα σχετικά μέτρα δια την ανάπτυξιν της οικονομίας και την ενίσχυσιν των επαγγελματιών της υπαίθρου.
ΤΟ ΠΕΡΙ ΔΗΜΟΤΙΚΩΝ
Αθήναι, 8. — Κατά την χθεσινήν συνεδρίασιν της Βουλής εσυνεχίσθη η συζήτησις επί των άρθρων του νομοσχεδίου. Ο αρμόδιος υπουργός εξήγησε τας βασικάς διατάξεις και απήντησεν εις τας παρατηρήσεις των βουλευτών. Η επιτροπή ενέκρινε τας τροπολογίας, ενώ αι εργασίαι θα συνεχισθούν αύριον. Κατά τας πληροφορίας, η κυβέρνησις προτίθεται να προωθήση ταχέως τα σχετικά μέτρα δια την ανάπτυξιν της οικονομίας και την ενίσχυσιν των επαγγελματιών της υπαίθρου.
Αθήναι, 8. — Κατά την χθεσινήν συνεδρίασιν της Βουλής εσυνεχίσθη η συζήτησις επί των άρθρων του νομοσχεδίου. Ο αρμόδιος υπουργός εξήγησε τας βασικάς διατάξεις και απήντησεν εις τας παρατηρήσεις των βουλευτών. Η επιτροπή ενέκρινε τας τροπολογίας, ενώ αι εργασίαι θα συνεχισθούν αύριον. Κατά τας πληροφορίας, η κυβέρνησις προτίθεται να προωθήση ταχέως τα σχετικά μέτρα δια την ανάπτυξιν της οικονομίας και την ενίσχυσιν των επαγγελματιών της υπαίθρου.
Αθήναι, 8. — Κατά την χθεσινήν συνεδρίασιν της Βουλής εσυνεχίσθη η συζήτησις επί των άρθρων του νομοσχεδίου. Ο αρμόδιος υπουργός εξήγησε τας βασικάς διατάξεις και απήντησεν εις τας παρατηρήσεις των βουλευτών. Η επιτροπή ενέκρινε τας τροπολογίας, ενώ αι εργασίαι θα συνεχισθούν αύριον. Κατά τας πληροφορίας, η κυβέρνησις προτίθεται να προωθήση ταχέως τα σχετικά μέτρα δια την ανάπτυξιν της οικονομίας και την ενίσχυσιν των επαγγελματιών της υπαίθρου.
Αθήναι, 8. — Κατά την χθεσινήν συνεδρίασιν της Βουλής εσυνεχίσθη η συζήτησις επί των άρθρων του νομοσχεδίου. Ο αρμόδιος υπουργός εξήγησε τας βασικάς διατάξεις και απήντησεν εις τας παρατηρήσεις των βουλευτών. Η επιτροπή ενέκρινε τας τροπολογίας, ενώ αι εργασίαι θα συνεχισθούν αύριον. Κατά τας πληροφορίας, η κυβέρνησις προτίθεται να προωθήση ταχέως τα σχετικά μέτρα δια την ανάπτυξιν της οικονομίας και την ενίσχυσιν των επαγγελματιών της υπαίθρου.
ΕΠΙΣΤΟΛΑΙ
Αθήναι, 8. — Κατά την χθεσινήν συνεδρίασιν της Βουλής εσυνεχίσθη η συζήτησις επί των άρθρων του νομοσχεδίου. Ο αρμόδιος υπουργός εξήγησε τας βασικάς διατάξεις και απήντησεν εις τας παρατηρήσεις των βουλευτών. Η επιτροπή ενέκρινε τας τροπολογίας, ενώ αι εργασίαι θα συνεχισθούν αύριον. Κατά τας πληροφορίας, η κυβέρνησις προτίθεται να προωθήση ταχέως τα σχετικά μέτρα δια την ανάπτυξιν της οικονομίας και την ενίσχυσιν των επαγγελματιών της υπαίθρου.
Αθήναι, 8. — Κατά την χθεσινήν συνεδρίασιν της Βουλής εσυνεχίσθη η συζήτησις επί των άρθρων του νομοσχεδίου. Ο αρμόδιος υπουργός εξήγησε τας βασικάς διατάξεις και απήντησεν εις τας παρατηρήσεις των βουλευτών. Η επιτροπή ενέκρινε τας τροπολογίας, ενώ αι εργασίαι θα συνεχισθούν αύριον. Κατά τας πληροφορίας, η κυβέρνησις προτίθεται να προωθήση ταχέως τα σχετικά μέτρα δια την ανάπτυξιν της οικονομίας και την ενίσχυσιν των επαγγελματιών της υπαίθρου.
Αθήναι, 8. — Κατά την χθεσινήν συνεδρίασιν της Βουλής εσυνεχίσθη η συζήτησις επί των άρθρων του νομοσχεδίου. Ο αρμόδιος υπουργός εξήγησε τας βασικάς διατάξεις και απήντησεν εις τας παρατηρήσεις των βουλευτών. Η επιτροπή ενέκρινε τας τροπολογίας, ενώ αι εργασίαι θα συνεχισθούν αύριον. Κατά τας πληροφορίας, η κυβέρνησις προτίθεται να προωθήση ταχέως τα σχετικά μέτρα δια την ανάπτυξιν της οικονομίας και την ενίσχυσιν των επαγγελματιών της υπαίθρου.
3.000 ΚΟΙΝΟΤΗΤΕΣ ΑΠΟΡΟΙ
Αθήναι, 8. — Κατά την χθεσινήν συνεδρίασιν της Βουλής εσυνεχίσθη η συζήτησις επί των άρθρων του νομοσχεδίου. Ο αρμόδιος υπουργός εξήγησε τας βασικάς διατάξεις και απήντησεν εις τας παρατηρήσεις των βουλευτών. Η επιτροπή ενέκρινε τας τροπολογίας, ενώ αι εργασίαι θα συνεχισθούν αύριον. Κατά τας πληροφορίας, η κυβέρνησις προτίθεται να προωθήση ταχέως τα σχετικά μέτρα δια την ανάπτυξιν της οικονομίας και την ενίσχυσιν των επαγγελματιών της υπαίθρου.
Αθήναι, 8. — Κατά την χθεσινήν συνεδρίασιν της Βουλής εσυνεχίσθη η συζήτησις επί των άρθρων του νομοσχεδίου. Ο αρμόδιος υπουργός εξήγησε τας βασικάς διατάξεις και απήντησεν εις τας παρατηρήσεις των βουλευτών. Η επιτροπή ενέκρινε τας τροπολογίας, ενώ αι εργασίαι θα συνεχισθούν αύριον. Κατά τας πληροφορίας, η κυβέρνησις προτίθεται να προωθήση ταχέως τα σχετικά μέτρα δια την ανάπτυξιν της οικονομίας και την ενίσχυσιν των επαγγελματιών της υπαίθρου.
Αθήναι, 8. — Κατά την χθεσινήν συνεδρίασιν της Βουλής εσυνεχίσθη η συζήτησις επί των άρθρων του νομοσχεδίου. Ο αρμόδιος υπουργός εξήγησε τας βασικάς διατάξεις και απήντησεν εις τας παρατηρήσεις των βουλευτών. Η επιτροπή ενέκρινε τας τροπολογίας, ενώ αι εργασίαι θα συνεχισθούν αύριον. Κατά τας πληροφορίας, η κυβέρνησις προτίθεται να προωθήση ταχέως τα σχετικά μέτρα δια την ανάπτυξιν της οικονομίας και την ενίσχυσιν των επαγγελματιών της υπαίθρου.
ΕΠΑΝΕΛΗΦΘΗΣΑΝ ΑΙ ΣΤΑΣΕΙΣ ΕΡΓΑΣΙΑΣ ΤΩΝ ΠΡΟΣΩΠΙΚΟΥ ΛΕΩΦΟΡΕΙΩΝ ΑΘΗΝΑΣ
ΘΑ ΑΠΕΡΓΗΣΟΥΝ ΚΑΙ ΟΙ ΕΡΓΑΤΑΙ ΞΥΛΟΥ
Αθήναι, 8. — Κατά την χθεσινήν συνεδρίασιν της Βουλής εσυνεχίσθη η συζήτησις επί των άρθρων του νομοσχεδίου. Ο αρμόδιος υπουργός εξήγησε τας βασικάς διατάξεις και απήντησεν εις τας παρατηρήσεις των βουλευτών. Η επιτροπή ενέκρινε τας τροπολογίας, ενώ αι εργασίαι θα συνεχισθούν αύριον. Κατά τας πληροφορίας, η κυβέρνησις προτίθεται να προωθήση ταχέως τα σχετικά μέτρα δια την ανάπτυξιν της οικονομίας και την ενίσχυσιν των επαγγελματιών της υπαίθρου.
Αθήναι, 8. — Κατά την χθεσινήν συνεδρίασιν της Βουλής εσυνεχίσθη η συζήτησις επί των άρθρων του νομοσχεδίου. Ο αρμόδιος υπουργός εξήγησε τας βασικάς διατάξεις και απήντησεν εις τας παρατηρήσεις των βουλευτών. Η επιτροπή ενέκρινε τας τροπολογίας, ενώ αι εργασίαι θα συνεχισθούν αύριον. Κατά τας πληροφορίας, η κυβέρνησις προτίθεται να προωθήση ταχέως τα σχετικά μέτρα δια την ανάπτυξιν της οικονομίας και την ενίσχυσιν των επαγγελματιών της υπαίθρου.
ΕΡΡΥΘΜΙΣΘΗ ΤΟ ΘΕΜΑ ΤΗΣ ΤΙΜΗΣ ΤΩΝ ΑΓΓΟΥΡΙΩΝ ΤΩΝ ΠΡΟΟΡΙΖΟΜΕΝΩΝ ΔΙ' ΕΞΑΓΩΓΗΝ ΕΙΣ ΑΥΣΤΡΙΑΝ
Αθήναι, 8. — Κατά την χθεσινήν συνεδρίασιν της Βουλής εσυνεχίσθη η συζήτησις επί των άρθρων του νομοσχεδίου. Ο αρμόδιος υπουργός εξήγησε τας βασικάς διατάξεις και απήντησεν εις τας παρατηρήσεις των βουλευτών. Η επιτροπή ενέκρινε τας τροπολογίας, ενώ αι εργασίαι θα συνεχισθούν αύριον. Κατά τας πληροφορίας, η κυβέρνησις προτίθεται να προωθήση ταχέως τα σχετικά μέτρα δια την ανάπτυξιν της οικονομίας και την ενίσχυσιν των επαγγελματιών της υπαίθρου.
Αθήναι, 8. — Κατά την χθεσινήν συνεδρίασιν της Βουλής εσυνεχίσθη η συζήτησις επί των άρθρων του νομοσχεδίου. Ο αρμόδιος υπουργός εξήγησε τας βασικάς διατάξεις και απήντησεν εις τας παρατηρήσεις των βουλευτών. Η επιτροπή ενέκρινε τας τροπολογίας, ενώ αι εργασίαι θα συνεχισθούν αύριον. Κατά τας πληροφορίας, η κυβέρνησις προτίθεται να προωθήση ταχέως τα σχετικά μέτρα δια την ανάπτυξιν της οικονομίας και την ενίσχυσιν των επαγγελματιών της υπαίθρου.
ΟΙ ΣΥΝΤΑΞΙΟΥΧΟΙ ΚΑΠΝΕΡΓΑΤΑΙ ΤΗΣ ΔΡΑΜΑΣ ΖΗΤΟΥΝ ΤΗΝ ΕΠΙΛΥΣΙΝ ΖΩΤΙΚΩΝ ΑΙΤΗΜΑΤΩΝ
Αθήναι, 8. — Κατά την χθεσινήν συνεδρίασιν της Βουλής εσυνεχίσθη η συζήτησις επί των άρθρων του νομοσχεδίου. Ο αρμόδιος υπουργός εξήγησε τας βασικάς διατάξεις και απήντησεν εις τας παρατηρήσεις των βουλευτών. Η επιτροπή ενέκρινε τας τροπολογίας, ενώ αι εργασίαι θα συνεχισθούν αύριον. Κατά τας πληροφορίας, η κυβέρνησις προτίθεται να προωθήση ταχέως τα σχετικά μέτρα δια την ανάπτυξιν της οικονομίας και την ενίσχυσιν των επαγγελματιών της υπαίθρου.
Αθήναι, 8. — Κατά την χθεσινήν συνεδρίασιν της Βουλής εσυνεχίσθη η συζήτησις επί των άρθρων του νομοσχεδίου. Ο αρμόδιος υπουργός εξήγησε τας βασικάς διατάξεις και απήντησεν εις τας παρατηρήσεις των βουλευτών. Η επιτροπή ενέκρινε τας τροπολογίας, ενώ αι εργασίαι θα συνεχισθούν αύριον. Κατά τας πληροφορίας, η κυβέρνησις προτίθεται να προωθήση ταχέως τα σχετικά μέτρα δια την ανάπτυξιν της οικονομίας και την ενίσχυσιν των επαγγελματιών της υπαίθρου.
ΛΕΙΤΟΥΡΓΙΑ ΣΕΜΙΝΑΡΙΟΥ ΕΙΣ ΤΗΝ ΛΑΡΙΣΑΝ ΔΙΑ ΤΗΝ ΕΚΠΑΙΔΕΥΣΙΝ ΣΥΛΛΟΓΗΣ ΒΑΜΒΑΚΟΣ
Αθήναι, 8. — Κατά την χθεσινήν συνεδρίασιν της Βουλής εσυνεχίσθη η συζήτησις επί των άρθρων του νομοσχεδίου. Ο αρμόδιος υπουργός εξήγησε τας βασικάς διατάξεις και απήντησεν εις τας παρατηρήσεις των βουλευτών. Η επιτροπή ενέκρινε τας τροπολογίας, ενώ αι εργασίαι θα συνεχισθούν αύριον. Κατά τας πληροφορίας, η κυβέρνησις προτίθεται να προωθήση ταχέως τα σχετικά μέτρα δια την ανάπτυξιν της οικονομίας και την ενίσχυσιν των επαγγελματιών της υπαίθρου.
Αθήναι, 8. — Κατά την χθεσινήν συνεδρίασιν της Βουλής εσυνεχίσθη η συζήτησις επί των άρθρων του νομοσχεδίου. Ο αρμόδιος υπουργός εξήγησε τας βασικάς διατάξεις και απήντησεν εις τας παρατηρήσεις των βουλευτών. Η επιτροπή ενέκρινε τας τροπολογίας, ενώ αι εργασίαι θα συνεχισθούν αύριον. Κατά τας πληροφορίας, η κυβέρνησις προτίθεται να προωθήση ταχέως τα σχετικά μέτρα δια την ανάπτυξιν της οικονομίας και την ενίσχυσιν των επαγγελματιών της υπαίθρου.
ΤΟ ΧΡΗΜΑΤΙΣΤΗΡΙΟΝ ΤΩΝ ΕΜΠΟΡΕΥΜΑΤΩΝ
Αθήναι, 8. — Κατά την χθεσινήν συνεδρίασιν της Βουλής εσυνεχίσθη η συζήτησις επί των άρθρων του νομοσχεδίου. Ο αρμόδιος υπουργός εξήγησε τας βασικάς διατάξεις και απήντησεν εις τας παρατηρήσεις των βουλευτών. Η επιτροπή ενέκρινε τας τροπολογίας, ενώ αι εργασίαι θα συνεχισθούν αύριον. Κατά τας πληροφορίας, η κυβέρνησις προτίθεται να προωθήση ταχέως τα σχετικά μέτρα δια την ανάπτυξιν της οικονομίας και την ενίσχυσιν των επαγγελματιών της υπαίθρου.
Αθήναι, 8. — Κατά την χθεσινήν συνεδρίασιν της Βουλής εσυνεχίσθη η συζήτησις επί των άρθρων του νομοσχεδίου. Ο αρμόδιος υπουργός εξήγησε τας βασικάς διατάξεις και απήντησεν εις τας παρατηρήσεις των βουλευτών. Η επιτροπή ενέκρινε τας τροπολογίας, ενώ αι εργασίαι θα συνεχισθούν αύριον. Κατά τας πληροφορίας, η κυβέρνησις προτίθεται να προωθήση ταχέως τα σχετικά μέτρα δια την ανάπτυξιν της οικονομίας και την ενίσχυσιν των επαγγελματιών της υπαίθρου.
ΤΟΠΙΚΑΙ ΒΡΟΧΑΙ ΚΑΙ ΚΑΤΑΙΓΙΔΕΣ ΕΙΣ ΒΟΡΕΙΟΝ ΕΛΛΑΔΑ
Αθήναι, 8. — Κατά την χθεσινήν συνεδρίασιν της Βουλής εσυνεχίσθη η συζήτησις επί των άρθρων του νομοσχεδίου. Ο αρμόδιος υπουργός εξήγησε τας βασικάς διατάξεις και απήντησεν εις τας παρατηρήσεις των βουλευτών. Η επιτροπή ενέκρινε τας τροπολογίας, ενώ αι εργασίαι θα συνεχισθούν αύριον. Κατά τας πληροφορίας, η κυβέρνησις προτίθεται να προωθήση ταχέως τα σχετικά μέτρα δια την ανάπτυξιν της οικονομίας και την ενίσχυσιν των επαγγελματιών της υπαίθρου.
Αθήναι, 8. — Κατά την χθεσινήν συνεδρίασιν της Βουλής εσυνεχίσθη η συζήτησις επί των άρθρων του νομοσχεδίου. Ο αρμόδιος υπουργός εξήγησε τας βασικάς διατάξεις και απήντησεν εις τας παρατηρήσεις των βουλευτών. Η επιτροπή ενέκρινε τας τροπολογίας, ενώ αι εργασίαι θα συνεχισθούν αύριον. Κατά τας πληροφορίας, η κυβέρνησις προτίθεται να προωθήση ταχέως τα σχετικά μέτρα δια την ανάπτυξιν της οικονομίας και την ενίσχυσιν των επαγγελματιών της υπαίθρου.
ΤΑΧΕΩΣ ΘΑ ΙΔΡΥΘΗ ΣΧΟΛΗ ΜΑΘΗΤΕΙΑΣ ΕΙΣ ΤΗΝ ΝΑΟΥΣΑΝ
Αθήναι, 8. — Κατά την χθεσινήν συνεδρίασιν της Βουλής εσυνεχίσθη η συζήτησις επί των άρθρων του νομοσχεδίου. Ο αρμόδιος υπουργός εξήγησε τας βασικάς διατάξεις και απήντησεν εις τας παρατηρήσεις των βουλευτών. Η επιτροπή ενέκρινε τας τροπολογίας, ενώ αι εργασίαι θα συνεχισθούν αύριον. Κατά τας πληροφορίας, η κυβέρνησις προτίθεται να προωθήση ταχέως τα σχετικά μέτρα δια την ανάπτυξιν της οικονομίας και την ενίσχυσιν των επαγγελματιών της υπαίθρου.
Αθήναι, 8. — Κατά την χθεσινήν συνεδρίασιν της Βουλής εσυνεχίσθη η συζήτησις επί των άρθρων του νομοσχεδίου. Ο αρμόδιος υπουργός εξήγησε τας βασικάς διατάξεις και απήντησεν εις τας παρατηρήσεις των βουλευτών. Η επιτροπή ενέκρινε τας τροπολογίας, ενώ αι εργασίαι θα συνεχισθούν αύριον. Κατά τας πληροφορίας, η κυβέρνησις προτίθεται να προωθήση ταχέως τα σχετικά μέτρα δια την ανάπτυξιν της οικονομίας και την ενίσχυσιν των επαγγελματιών της υπαίθρου.
ΕΠΝΙΓΗ ΕΡΓΑΤΗΣ ΕΝΩ ΕΚΟΛΥΜΒΑ
Αθήναι, 8. — Κατά την χθεσινήν συνεδρίασιν της Βουλής εσυνεχίσθη η συζήτησις επί των άρθρων του νομοσχεδίου. Ο αρμόδιος υπουργός εξήγησε τας βασικάς διατάξεις και απήντησεν εις τας παρατηρήσεις των βουλευτών. Η επιτροπή ενέκρινε τας τροπολογίας, ενώ αι εργασίαι θα συνεχισθούν αύριον. Κατά τας πληροφορίας, η κυβέρνησις προτίθεται να προωθήση ταχέως τα σχετικά μέτρα δια την ανάπτυξιν της οικονομίας και την ενίσχυσιν των επαγγελματιών της υπαίθρου.
Ο ΑΡΙΘΜΟΣ ΤΩΝ ΕΚΔΟΤΕΝ ΕΙΣ ΤΑΧΥΔΡΟΜΙΚΑΣ ΣΧΟΛΑΣ
Αθήναι, 8. — Κατά την χθεσινήν συνεδρίασιν της Βουλής εσυνεχίσθη η συζήτησις επί των άρθρων του νομοσχεδίου. Ο αρμόδιος υπουργός εξήγησε τας βασικάς διατάξεις και απήντησεν εις τας παρατηρήσεις των βουλευτών. Η επιτροπή ενέκρινε τας τροπολογίας, ενώ αι εργασίαι θα συνεχισθούν αύριον. Κατά τας πληροφορίας, η κυβέρνησις προτίθεται να προωθήση ταχέως τα σχετικά μέτρα δια την ανάπτυξιν της οικονομίας και την ενίσχυσιν των επαγγελματιών της υπαίθρου.
ΑΔΕΙΑΙ ΕΙΣ ΙΑΤΡΟΥΣ
Αθήναι, 8. — Κατά την χθεσινήν συνεδρίασιν της Βουλής εσυνεχίσθη η συζήτησις επί των άρθρων του νομοσχεδίου. Ο αρμόδιος υπουργός εξήγησε τας βασικάς διατάξεις και απήντησεν εις τας παρατηρήσεις των βουλευτών. Η επιτροπή ενέκρινε τας τροπολογίας, ενώ αι εργασίαι θα συνεχισθούν αύριον. Κατά τας πληροφορίας, η κυβέρνησις προτίθεται να προωθήση ταχέως τα σχετικά μέτρα δια την ανάπτυξιν της οικονομίας και την ενίσχυσιν των επαγγελματιών της υπαίθρου.
ΗΘΩΘΗ ΠΑΜΨΗΦΕΙ
Αθήναι, 8. — Κατά την χθεσινήν συνεδρίασιν της Βουλής εσυνεχίσθη η συζήτησις επί των άρθρων του νομοσχεδίου. Ο αρμόδιος υπουργός εξήγησε τας βασικάς διατάξεις και απήντησεν εις τας παρατηρήσεις των βουλευτών. Η επιτροπή ενέκρινε τας τροπολογίας, ενώ αι εργασίαι θα συνεχισθούν αύριον. Κατά τας πληροφορίας, η κυβέρνησις προτίθεται να προωθήση ταχέως τα σχετικά μέτρα δια την ανάπτυξιν της οικονομίας και την ενίσχυσιν των επαγγελματιών της υπαίθρου.
ΕΥΒΡΙΣΕ ΧΩΡΟΦΥΛΑΚΑ
Αθήναι, 8. — Κατά την χθεσινήν συνεδρίασιν της Βουλής εσυνεχίσθη η συζήτησις επί των άρθρων του νομοσχεδίου. Ο αρμόδιος υπουργός εξήγησε τας βασικάς διατάξεις και απήντησεν εις τας παρατηρήσεις των βουλευτών. Η επιτροπή ενέκρινε τας τροπολογίας, ενώ αι εργασίαι θα συνεχισθούν αύριον. Κατά τας πληροφορίας, η κυβέρνησις προτίθεται να προωθήση ταχέως τα σχετικά μέτρα δια την ανάπτυξιν της οικονομίας και την ενίσχυσιν των επαγγελματιών της υπαίθρου.
Σελίς 7
ΕΝΙΣΧΥΟΝΤΑΙ ΑΙ ΠΙΣΤΟΔΟΤΗΣΕΙΣ ΠΡΟΣ ΤΗΝ ΒΙΟΤΕΧΝΙΑΝ
ΕΚΠΟΝΗΘΕΝ ΠΡΟΓΡΑΜΜΑ ΥΠΟΒΟΗΘΕΙ ΑΥΞΗΣΙΝ ΤΗΣ ΕΥΡΥΤΕΡΑΣ ΕΞΑΓΩΓΗΣ ΒΙΟΜΗΧΑΝΙΚΩΝ ΠΡΟΙΟΝΤΩΝ
Αθήναι, 8. — Κατά την χθεσινήν συνεδρίασιν της Βουλής εσυνεχίσθη η συζήτησις επί των άρθρων του νομοσχεδίου. Ο αρμόδιος υπουργός εξήγησε τας βασικάς διατάξεις και απήντησεν εις τας παρατηρήσεις των βουλευτών. Η επιτροπή ενέκρινε τας τροπολογίας, ενώ αι εργασίαι θα συνεχισθούν αύριον. Κατά τας πληροφορίας, η κυβέρνησις προτίθεται να προωθήση ταχέως τα σχετικά μέτρα δια την ανάπτυξιν της οικονομίας και την ενίσχυσιν των επαγγελματιών της υπαίθρου.
Αθήναι, 8. — Κατά την χθεσινήν συνεδρίασιν της Βουλής εσυνεχίσθη η συζήτησις επί των άρθρων του νομοσχεδίου. Ο αρμόδιος υπουργός εξήγησε τας βασικάς διατάξεις και απήντησεν εις τας παρατηρήσεις των βουλευτών. Η επιτροπή ενέκρινε τας τροπολογίας, ενώ αι εργασίαι θα συνεχισθούν αύριον. Κατά τας πληροφορίας, η κυβέρνησις προτίθεται να προωθήση ταχέως τα σχετικά μέτρα δια την ανάπτυξιν της οικονομίας και την ενίσχυσιν των επαγγελματιών της υπαίθρου.
ΤΙ ΖΗΤΟΥΝ ΟΙ ΒΙΟΤΕΧΝΑΙ
Αθήναι, 8. — Κατά την χθεσινήν συνεδρίασιν της Βουλής εσυνεχίσθη η συζήτησις επί των άρθρων του νομοσχεδίου. Ο αρμόδιος υπουργός εξήγησε τας βασικάς διατάξεις και απήντησεν εις τας παρατηρήσεις των βουλευτών. Η επιτροπή ενέκρινε τας τροπολογίας, ενώ αι εργασίαι θα συνεχισθούν αύριον. Κατά τας πληροφορίας, η κυβέρνησις προτίθεται να προωθήση ταχέως τα σχετικά μέτρα δια την ανάπτυξιν της οικονομίας και την ενίσχυσιν των επαγγελματιών της υπαίθρου.
Αθήναι, 8. — Κατά την χθεσινήν συνεδρίασιν της Βουλής εσυνεχίσθη η συζήτησις επί των άρθρων του νομοσχεδίου. Ο αρμόδιος υπουργός εξήγησε τας βασικάς διατάξεις και απήντησεν εις τας παρατηρήσεις των βουλευτών. Η επιτροπή ενέκρινε τας τροπολογίας, ενώ αι εργασίαι θα συνεχισθούν αύριον. Κατά τας πληροφορίας, η κυβέρνησις προτίθεται να προωθήση ταχέως τα σχετικά μέτρα δια την ανάπτυξιν της οικονομίας και την ενίσχυσιν των επαγγελματιών της υπαίθρου.
Η ΕΚΦΟΡΑ
Αθήναι, 8. — Κατά την χθεσινήν συνεδρίασιν της Βουλής εσυνεχίσθη η συζήτησις επί των άρθρων του νομοσχεδίου. Ο αρμόδιος υπουργός εξήγησε τας βασικάς διατάξεις και απήντησεν εις τας παρατηρήσεις των βουλευτών. Η επιτροπή ενέκρινε τας τροπολογίας, ενώ αι εργασίαι θα συνεχισθούν αύριον. Κατά τας πληροφορίας, η κυβέρνησις προτίθεται να προωθήση ταχέως τα σχετικά μέτρα δια την ανάπτυξιν της οικονομίας και την ενίσχυσιν των επαγγελματιών της υπαίθρου.
Αθήναι, 8. — Κατά την χθεσινήν συνεδρίασιν της Βουλής εσυνεχίσθη η συζήτησις επί των άρθρων του νομοσχεδίου. Ο αρμόδιος υπουργός εξήγησε τας βασικάς διατάξεις και απήντησεν εις τας παρατηρήσεις των βουλευτών. Η επιτροπή ενέκρινε τας τροπολογίας, ενώ αι εργασίαι θα συνεχισθούν αύριον. Κατά τας πληροφορίας, η κυβέρνησις προτίθεται να προωθήση ταχέως τα σχετικά μέτρα δια την ανάπτυξιν της οικονομίας και την ενίσχυσιν των επαγγελματιών της υπαίθρου.
Η ΕΞΕΛΙΞΙΣ ΤΟΥ ΓΕΝΙΚΟΥ ΔΕΙΚΤΟΥ ΤΙΜΩΝ ΚΑΤΑΝΑΛΩΤΟΥ ΣΗΜΕΙΩΣΕΝ ΕΛΑΧΙΣΤΗΝ ΜΕΙΩΣΙΝ ΚΑΤΑ ΤΟΝ ΙΟΥΝΙΟΝ
Αθήναι, 8. — Κατά την χθεσινήν συνεδρίασιν της Βουλής εσυνεχίσθη η συζήτησις επί των άρθρων του νομοσχεδίου. Ο αρμόδιος υπουργός εξήγησε τας βασικάς διατάξεις και απήντησεν εις τας παρατηρήσεις των βουλευτών. Η επιτροπή ενέκρινε τας τροπολογίας, ενώ αι εργασίαι θα συνεχισθούν αύριον. Κατά τας πληροφορίας, η κυβέρνησις προτίθεται να προωθήση ταχέως τα σχετικά μέτρα δια την ανάπτυξιν της οικονομίας και την ενίσχυσιν των επαγγελματιών της υπαίθρου.
Αθήναι, 8. — Κατά την χθεσινήν συνεδρίασιν της Βουλής εσυνεχίσθη η συζήτησις επί των άρθρων του νομοσχεδίου. Ο αρμόδιος υπουργός εξήγησε τας βασικάς διατάξεις και απήντησεν εις τας παρατηρήσεις των βουλευτών. Η επιτροπή ενέκρινε τας τροπολογίας, ενώ αι εργασίαι θα συνεχισθούν αύριον. Κατά τας πληροφορίας, η κυβέρνησις προτίθεται να προωθήση ταχέως τα σχετικά μέτρα δια την ανάπτυξιν της οικονομίας και την ενίσχυσιν των επαγγελματιών της υπαίθρου.
ΜΕΤΑΤΙΘΕΤΑΙ ΔΙΟΙΚΗΤΗΣ ΣΤΑΘΜΟΥ ΧΩΡΟΦΥΛΑΚΗΣ ΤΟΛΜΗΣΑΣ ΝΑ ΣΥΛΛΑΒΗ ΠΑΡΑΚΡΑΤΙΚΟΥΣ ΤΗΣ ΔΕΞΙΑΣ
Αθήναι, 8. — Κατά την χθεσινήν συνεδρίασιν της Βουλής εσυνεχίσθη η συζήτησις επί των άρθρων του νομοσχεδίου. Ο αρμόδιος υπουργός εξήγησε τας βασικάς διατάξεις και απήντησεν εις τας παρατηρήσεις των βουλευτών. Η επιτροπή ενέκρινε τας τροπολογίας, ενώ αι εργασίαι θα συνεχισθούν αύριον. Κατά τας πληροφορίας, η κυβέρνησις προτίθεται να προωθήση ταχέως τα σχετικά μέτρα δια την ανάπτυξιν της οικονομίας και την ενίσχυσιν των επαγγελματιών της υπαίθρου.
Αθήναι, 8. — Κατά την χθεσινήν συνεδρίασιν της Βουλής εσυνεχίσθη η συζήτησις επί των άρθρων του νομοσχεδίου. Ο αρμόδιος υπουργός εξήγησε τας βασικάς διατάξεις και απήντησεν εις τας παρατηρήσεις των βουλευτών. Η επιτροπή ενέκρινε τας τροπολογίας, ενώ αι εργασίαι θα συνεχισθούν αύριον. Κατά τας πληροφορίας, η κυβέρνησις προτίθεται να προωθήση ταχέως τα σχετικά μέτρα δια την ανάπτυξιν της οικονομίας και την ενίσχυσιν των επαγγελματιών της υπαίθρου.
ΔΙΕΚΟΠΗΣΑΝ ΛΟΓΩ ΤΗΣ ΑΠΕΡΓΙΑΣ ΤΩΝ ΜΗΧΑΝΙΚΩΝ ΑΙ ΑΕΡΟΠΟΡΙΚΑΙ ΣΥΓΚΟΙΝΩΝΙΑΙ ΕΙΣ ΗΝΩΜ. ΠΟΛΙΤΕΙΑΣ
Αθήναι, 8. — Κατά την χθεσινήν συνεδρίασιν της Βουλής εσυνεχίσθη η συζήτησις επί των άρθρων του νομοσχεδίου. Ο αρμόδιος υπουργός εξήγησε τας βασικάς διατάξεις και απήντησεν εις τας παρατηρήσεις των βουλευτών. Η επιτροπή ενέκρινε τας τροπολογίας, ενώ αι εργασίαι θα συνεχισθούν αύριον. Κατά τας πληροφορίας, η κυβέρνησις προτίθεται να προωθήση ταχέως τα σχετικά μέτρα δια την ανάπτυξιν της οικονομίας και την ενίσχυσιν των επαγγελματιών της υπαίθρου.
Αθήναι, 8. — Κατά την χθεσινήν συνεδρίασιν της Βουλής εσυνεχίσθη η συζήτησις επί των άρθρων του νομοσχεδίου. Ο αρμόδιος υπουργός εξήγησε τας βασικάς διατάξεις και απήντησεν εις τας παρατηρήσεις των βουλευτών. Η επιτροπή ενέκρινε τας τροπολογίας, ενώ αι εργασίαι θα συνεχισθούν αύριον. Κατά τας πληροφορίας, η κυβέρνησις προτίθεται να προωθήση ταχέως τα σχετικά μέτρα δια την ανάπτυξιν της οικονομίας και την ενίσχυσιν των επαγγελματιών της υπαίθρου.
ΚΑΙ ΕΙΣ ΙΤΑΛΙΑΝ
Αθήναι, 8. — Κατά την χθεσινήν συνεδρίασιν της Βουλής εσυνεχίσθη η συζήτησις επί των άρθρων του νομοσχεδίου. Ο αρμόδιος υπουργός εξήγησε τας βασικάς διατάξεις και απήντησεν εις τας παρατηρήσεις των βουλευτών. Η επιτροπή ενέκρινε τας τροπολογίας, ενώ αι εργασίαι θα συνεχισθούν αύριον. Κατά τας πληροφορίας, η κυβέρνησις προτίθεται να προωθήση ταχέως τα σχετικά μέτρα δια την ανάπτυξιν της οικονομίας και την ενίσχυσιν των επαγγελματιών της υπαίθρου.
ΚΑΤΗΡΤΙΣΘΗ ΤΟ ΠΡΟΓΡΑΜΜΑ ΠΕΡΙΟΔΕΙΑΣ ΤΟΥ ΝΤΕ ΓΚΟΛ ΕΙΣ ΔΙΑΦΟΡΟΥΣ ΧΩΡΑΣ ΤΗΣ ΑΦΡΙΚΗΣ ΚΑΙ ΤΗΣ ΑΣΙΑΣ
Αθήναι, 8. — Κατά την χθεσινήν συνεδρίασιν της Βουλής εσυνεχίσθη η συζήτησις επί των άρθρων του νομοσχεδίου. Ο αρμόδιος υπουργός εξήγησε τας βασικάς διατάξεις και απήντησεν εις τας παρατηρήσεις των βουλευτών. Η επιτροπή ενέκρινε τας τροπολογίας, ενώ αι εργασίαι θα συνεχισθούν αύριον. Κατά τας πληροφορίας, η κυβέρνησις προτίθεται να προωθήση ταχέως τα σχετικά μέτρα δια την ανάπτυξιν της οικονομίας και την ενίσχυσιν των επαγγελματιών της υπαίθρου.
Αθήναι, 8. — Κατά την χθεσινήν συνεδρίασιν της Βουλής εσυνεχίσθη η συζήτησις επί των άρθρων του νομοσχεδίου. Ο αρμόδιος υπουργός εξήγησε τας βασικάς διατάξεις και απήντησεν εις τας παρατηρήσεις των βουλευτών. Η επιτροπή ενέκρινε τας τροπολογίας, ενώ αι εργασίαι θα συνεχισθούν αύριον. Κατά τας πληροφορίας, η κυβέρνησις προτίθεται να προωθήση ταχέως τα σχετικά μέτρα δια την ανάπτυξιν της οικονομίας και την ενίσχυσιν των επαγγελματιών της υπαίθρου.
Η ΤΗΛΕΟΡΑΣΙΣ ΒΟΗΘΕΙ, ΚΑΤΑ ΤΗΝ ΒΟΥΔΑΠΕΣΤΗΝ, ΤΗΝ ΔΙΕΙΣΔΥΣΙΝ ΤΗΣ ΠΡΟΠΑΓΑΝΔΑΣ ΕΙΣ ΟΥΓΓΑΡΙΑΝ
Αθήναι, 8. — Κατά την χθεσινήν συνεδρίασιν της Βουλής εσυνεχίσθη η συζήτησις επί των άρθρων του νομοσχεδίου. Ο αρμόδιος υπουργός εξήγησε τας βασικάς διατάξεις και απήντησεν εις τας παρατηρήσεις των βουλευτών. Η επιτροπή ενέκρινε τας τροπολογίας, ενώ αι εργασίαι θα συνεχισθούν αύριον. Κατά τας πληροφορίας, η κυβέρνησις προτίθεται να προωθήση ταχέως τα σχετικά μέτρα δια την ανάπτυξιν της οικονομίας και την ενίσχυσιν των επαγγελματιών της υπαίθρου.
Αθήναι, 8. — Κατά την χθεσινήν συνεδρίασιν της Βουλής εσυνεχίσθη η συζήτησις επί των άρθρων του νομοσχεδίου. Ο αρμόδιος υπουργός εξήγησε τας βασικάς διατάξεις και απήντησεν εις τας παρατηρήσεις των βουλευτών. Η επιτροπή ενέκρινε τας τροπολογίας, ενώ αι εργασίαι θα συνεχισθούν αύριον. Κατά τας πληροφορίας, η κυβέρνησις προτίθεται να προωθήση ταχέως τα σχετικά μέτρα δια την ανάπτυξιν της οικονομίας και την ενίσχυσιν των επαγγελματιών της υπαίθρου.
Ο ΠΟΜΠΙΝΤΟΥ ΕΠΕΣΤΡΕΨΕΝ ΕΙΣ ΤΟ ΠΑΡΙΣΙ
ΡΙΖΙΚΑΙ ΑΙ ΔΙΑΦΟΡΑΙ ΤΟΥ ΜΕ ΤΟΝ ΟΥ-Ι-ΑΣΩΝ
ΣΥΝΕΧΕΙΑ
►►►►
Αθήναι, 8. — Κατά την χθεσινήν συνεδρίασιν της Βουλής εσυνεχίσθη η συζήτησις επί των άρθρων του νομοσχεδίου. Ο αρμόδιος υπουργός εξήγησε τας βασικάς διατάξεις και απήντησεν εις τας παρατηρήσεις των βουλευτών. Η επιτροπή ενέκρινε τας τροπολογίας, ενώ αι εργασίαι θα συνεχισθούν αύριον. Κατά τας πληροφορίας, η κυβέρνησις προτίθεται να προωθήση ταχέως τα σχετικά μέτρα δια την ανάπτυξιν της οικονομίας και την ενίσχυσιν των επαγγελματιών της υπαίθρου.
Αθήναι, 8. — Κατά την χθεσινήν συνεδρίασιν της Βουλής εσυνεχίσθη η συζήτησις επί των άρθρων του νομοσχεδίου. Ο αρμόδιος υπουργός εξήγησε τας βασικάς διατάξεις και απήντησεν εις τας παρατηρήσεις των βουλευτών. Η επιτροπή ενέκρινε τας τροπολογίας, ενώ αι εργασίαι θα συνεχισθούν αύριον. Κατά τας πληροφορίας, η κυβέρνησις προτίθεται να προωθήση ταχέως τα σχετικά μέτρα δια την ανάπτυξιν της οικονομίας και την ενίσχυσιν των επαγγελματιών της υπαίθρου.
Αθήναι, 8. — Κατά την χθεσινήν συνεδρίασιν της Βουλής εσυνεχίσθη η συζήτησις επί των άρθρων του νομοσχεδίου. Ο αρμόδιος υπουργός εξήγησε τας βασικάς διατάξεις και απήντησεν εις τας παρατηρήσεις των βουλευτών. Η επιτροπή ενέκρινε τας τροπολογίας, ενώ αι εργασίαι θα συνεχισθούν αύριον. Κατά τας πληροφορίας, η κυβέρνησις προτίθεται να προωθήση ταχέως τα σχετικά μέτρα δια την ανάπτυξιν της οικονομίας και την ενίσχυσιν των επαγγελματιών της υπαίθρου.
ΕΠΕΣΤΡΕΨΕΝ
Αθήναι, 8. — Κατά την χθεσινήν συνεδρίασιν της Βουλής εσυνεχίσθη η συζήτησις επί των άρθρων του νομοσχεδίου. Ο αρμόδιος υπουργός εξήγησε τας βασικάς διατάξεις και απήντησεν εις τας παρατηρήσεις των βουλευτών. Η επιτροπή ενέκρινε τας τροπολογίας, ενώ αι εργασίαι θα συνεχισθούν αύριον. Κατά τας πληροφορίας, η κυβέρνησις προτίθεται να προωθήση ταχέως τα σχετικά μέτρα δια την ανάπτυξιν της οικονομίας και την ενίσχυσιν των επαγγελματιών της υπαίθρου.
ΤΟ ΕΙΣ ΜΟΣΧΑΝ ΤΑΞΙΔΙΟΝ
Αθήναι, 8. — Κατά την χθεσινήν συνεδρίασιν της Βουλής εσυνεχίσθη η συζήτησις επί των άρθρων του νομοσχεδίου. Ο αρμόδιος υπουργός εξήγησε τας βασικάς διατάξεις και απήντησεν εις τας παρατηρήσεις των βουλευτών. Η επιτροπή ενέκρινε τας τροπολογίας, ενώ αι εργασίαι θα συνεχισθούν αύριον. Κατά τας πληροφορίας, η κυβέρνησις προτίθεται να προωθήση ταχέως τα σχετικά μέτρα δια την ανάπτυξιν της οικονομίας και την ενίσχυσιν των επαγγελματιών της υπαίθρου.
